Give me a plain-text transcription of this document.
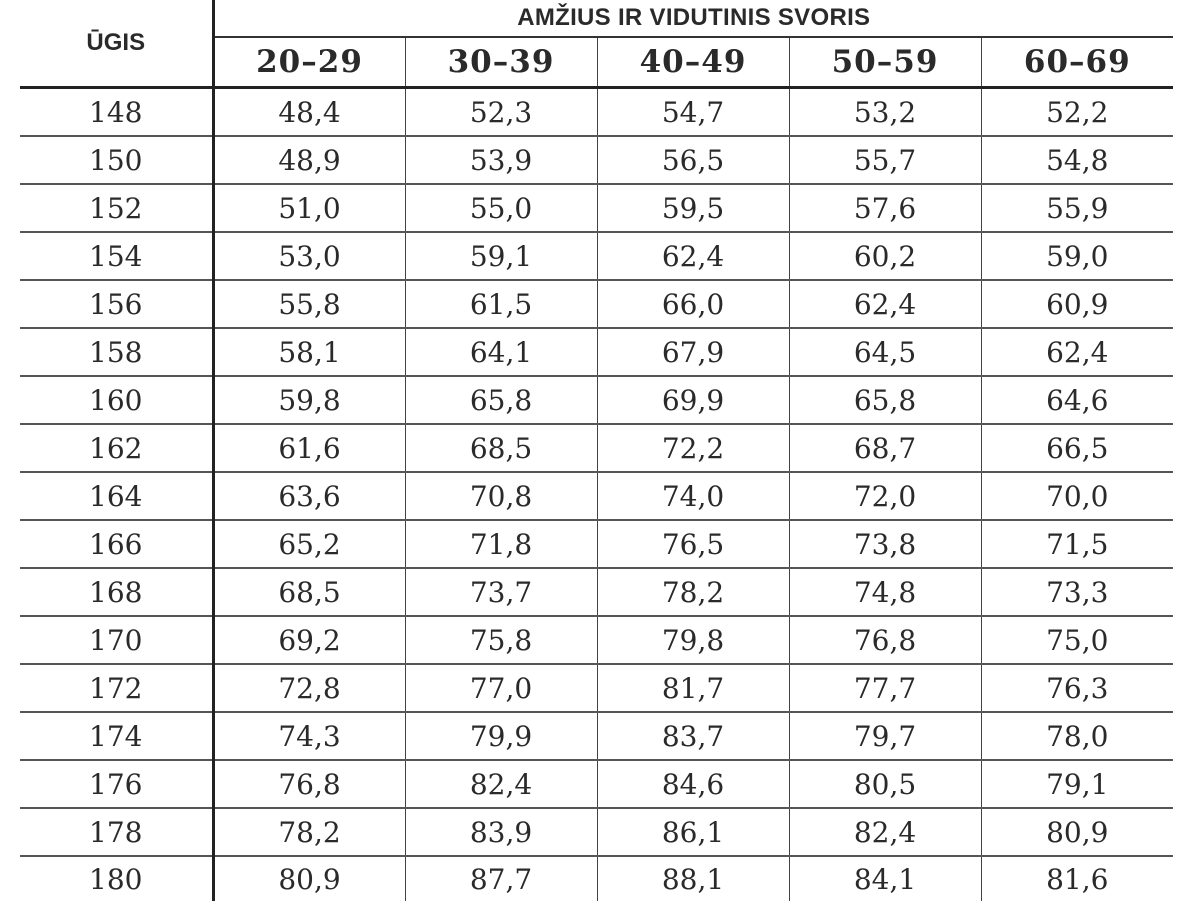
ŪGIS	AMŽIUS IR VIDUTINIS SVORIS				
	20–29	30–39	40–49	50–59	60–69
148	48,4	52,3	54,7	53,2	52,2
150	48,9	53,9	56,5	55,7	54,8
152	51,0	55,0	59,5	57,6	55,9
154	53,0	59,1	62,4	60,2	59,0
156	55,8	61,5	66,0	62,4	60,9
158	58,1	64,1	67,9	64,5	62,4
160	59,8	65,8	69,9	65,8	64,6
162	61,6	68,5	72,2	68,7	66,5
164	63,6	70,8	74,0	72,0	70,0
166	65,2	71,8	76,5	73,8	71,5
168	68,5	73,7	78,2	74,8	73,3
170	69,2	75,8	79,8	76,8	75,0
172	72,8	77,0	81,7	77,7	76,3
174	74,3	79,9	83,7	79,7	78,0
176	76,8	82,4	84,6	80,5	79,1
178	78,2	83,9	86,1	82,4	80,9
180	80,9	87,7	88,1	84,1	81,6
